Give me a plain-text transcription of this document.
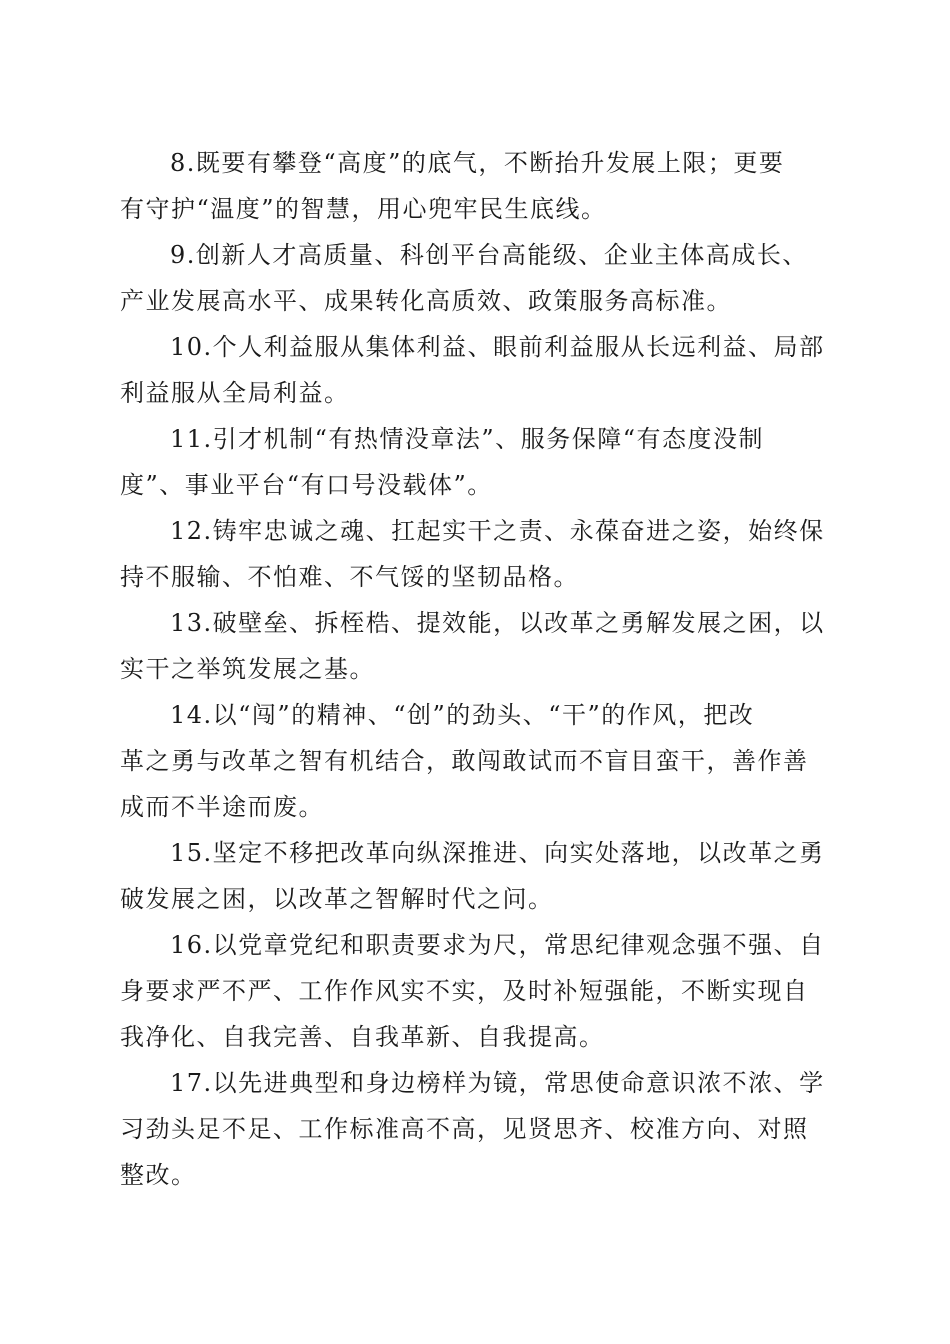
8.既要有攀登“高度”的底气，不断抬升发展上限；更要
有守护“温度”的智慧，用心兜牢民生底线。
9.创新人才高质量、科创平台高能级、企业主体高成长、
产业发展高水平、成果转化高质效、政策服务高标准。
10.个人利益服从集体利益、眼前利益服从长远利益、局部
利益服从全局利益。
11.引才机制“有热情没章法”、服务保障“有态度没制
度”、事业平台“有口号没载体”。
12.铸牢忠诚之魂、扛起实干之责、永葆奋进之姿，始终保
持不服输、不怕难、不气馁的坚韧品格。
13.破壁垒、拆桎梏、提效能，以改革之勇解发展之困，以
实干之举筑发展之基。
14.以“闯”的精神、“创”的劲头、“干”的作风，把改
革之勇与改革之智有机结合，敢闯敢试而不盲目蛮干，善作善
成而不半途而废。
15.坚定不移把改革向纵深推进、向实处落地，以改革之勇
破发展之困，以改革之智解时代之问。
16.以党章党纪和职责要求为尺，常思纪律观念强不强、自
身要求严不严、工作作风实不实，及时补短强能，不断实现自
我净化、自我完善、自我革新、自我提高。
17.以先进典型和身边榜样为镜，常思使命意识浓不浓、学
习劲头足不足、工作标准高不高，见贤思齐、校准方向、对照
整改。
